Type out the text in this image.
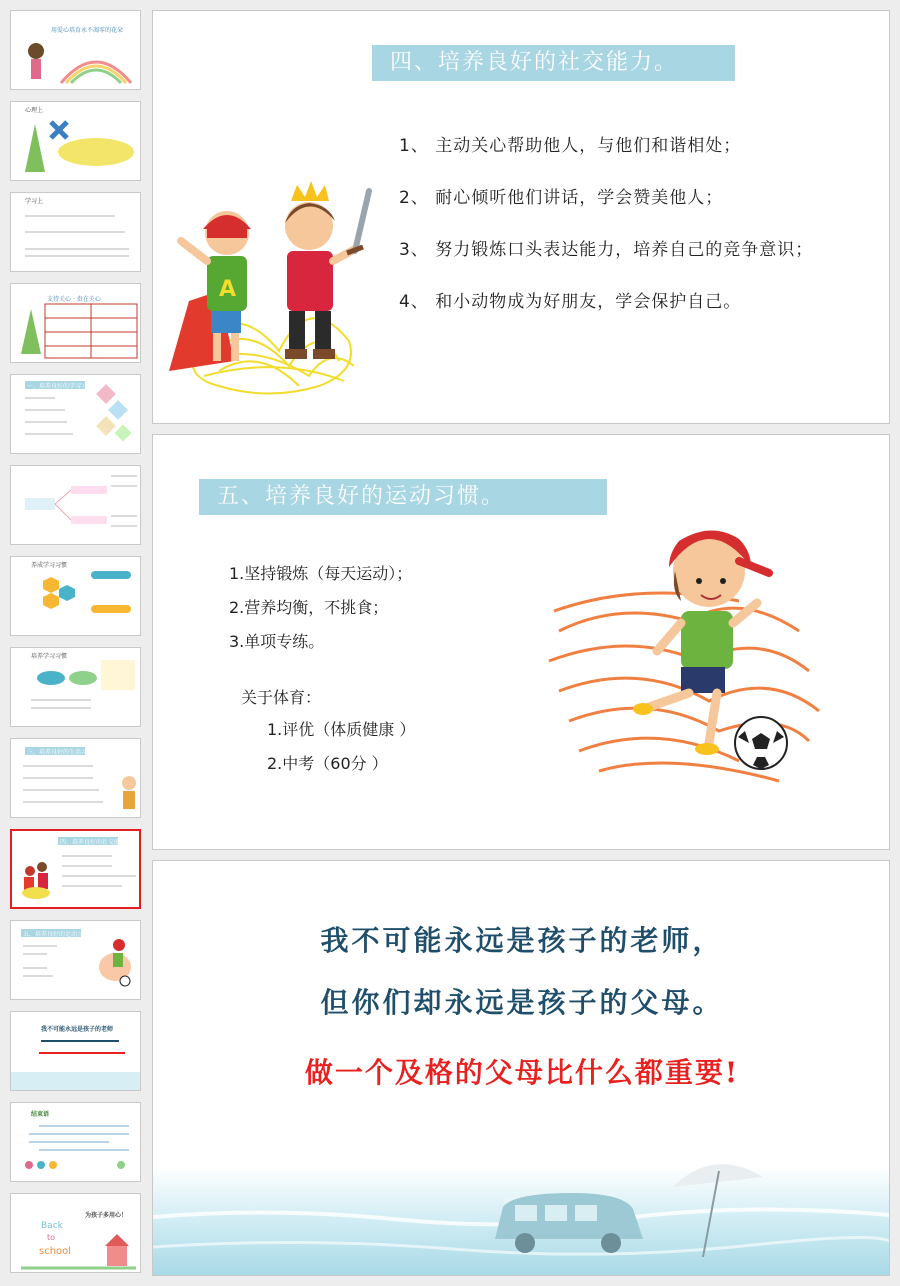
用爱心培育永不凋零的花朵
心理上
学习上
支持关心 · 贵在关心
一、培养良好的学习习惯
养成学习习惯
培养学习习惯
三、培养良好的生活习惯
四、培养良好的社交能力
五、培养良好的运动习惯
我不可能永远是孩子的老师
结束语
为孩子多用心！
Back
to
school
四、培养良好的社交能力。
A
1、 主动关心帮助他人，与他们和谐相处；
2、 耐心倾听他们讲话，学会赞美他人；
3、 努力锻炼口头表达能力，培养自己的竞争意识；
4、 和小动物成为好朋友，学会保护自己。
五、培养良好的运动习惯。
1.坚持锻炼（每天运动）；
2.营养均衡，不挑食；
3.单项专练。
关于体育：
1.评优（体质健康 ）
2.中考（60分 ）
我不可能永远是孩子的老师，
但你们却永远是孩子的父母。
做一个及格的父母比什么都重要!
